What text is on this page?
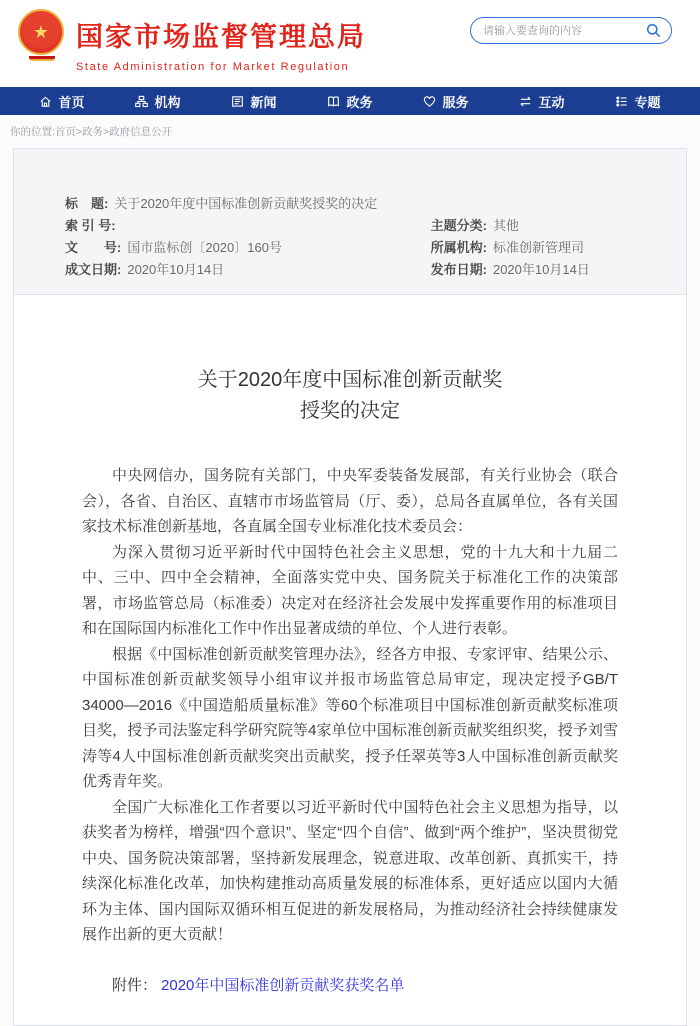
★ 国家市场监督管理总局
State Administration for Market Regulation
请输入要查询的内容
首页	机构	新闻	政务	服务	互动	专题
你的位置:首页>政务>政府信息公开
标　题: 关于2020年度中国标准创新贡献奖授奖的决定
索 引 号:	主题分类: 其他
文　　号: 国市监标创〔2020〕160号	所属机构: 标准创新管理司
成文日期: 2020年10月14日	发布日期: 2020年10月14日
关于2020年度中国标准创新贡献奖
授奖的决定

中央网信办，国务院有关部门，中央军委装备发展部，有关行业协会（联合会），各省、自治区、直辖市市场监管局（厅、委），总局各直属单位，各有关国家技术标准创新基地，各直属全国专业标准化技术委员会：

为深入贯彻习近平新时代中国特色社会主义思想，党的十九大和十九届二中、三中、四中全会精神，全面落实党中央、国务院关于标准化工作的决策部署，市场监管总局（标准委）决定对在经济社会发展中发挥重要作用的标准项目和在国际国内标准化工作中作出显著成绩的单位、个人进行表彰。

根据《中国标准创新贡献奖管理办法》，经各方申报、专家评审、结果公示、中国标准创新贡献奖领导小组审议并报市场监管总局审定，现决定授予GB/T 34000—2016《中国造船质量标准》等60个标准项目中国标准创新贡献奖标准项目奖，授予司法鉴定科学研究院等4家单位中国标准创新贡献奖组织奖，授予刘雪涛等4人中国标准创新贡献奖突出贡献奖，授予任翠英等3人中国标准创新贡献奖优秀青年奖。

全国广大标准化工作者要以习近平新时代中国特色社会主义思想为指导，以获奖者为榜样，增强“四个意识”、坚定“四个自信”、做到“两个维护”，坚决贯彻党中央、国务院决策部署，坚持新发展理念，锐意进取、改革创新、真抓实干，持续深化标准化改革，加快构建推动高质量发展的标准体系，更好适应以国内大循环为主体、国内国际双循环相互促进的新发展格局，为推动经济社会持续健康发展作出新的更大贡献！

附件： 2020年中国标准创新贡献奖获奖名单
